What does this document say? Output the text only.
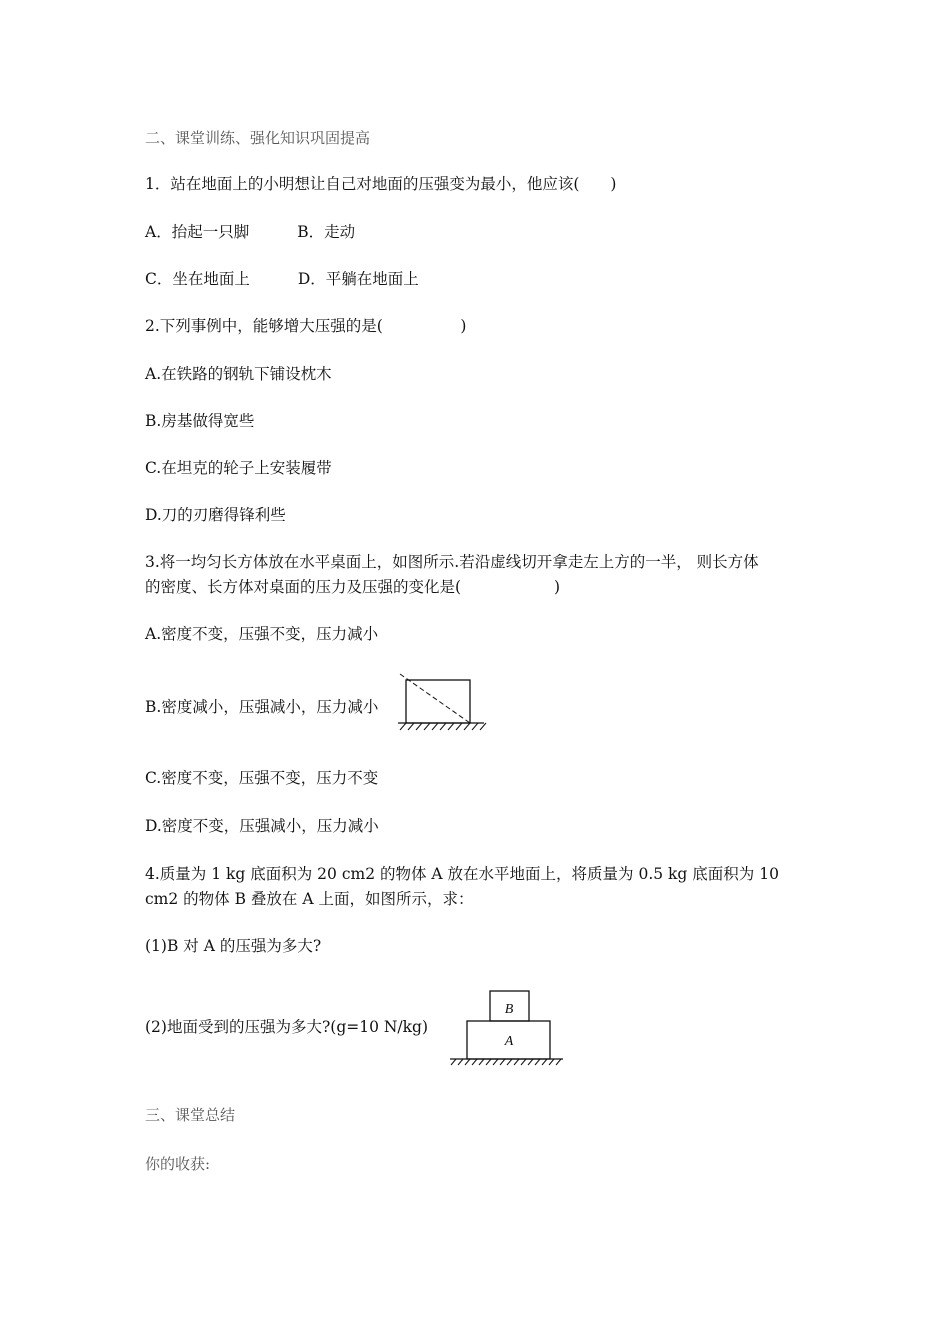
二、课堂训练、强化知识巩固提高
1．站在地面上的小明想让自己对地面的压强变为最小，他应该(　　)
A．抬起一只脚	B．走动
C．坐在地面上	D．平躺在地面上
2.下列事例中，能够增大压强的是(　　　　　)
A.在铁路的钢轨下铺设枕木
B.房基做得宽些
C.在坦克的轮子上安装履带
D.刀的刃磨得锋利些
3.将一均匀长方体放在水平桌面上，如图所示.若沿虚线切开拿走左上方的一半， 则长方体
的密度、长方体对桌面的压力及压强的变化是(　　　　　　)
A.密度不变，压强不变，压力减小
B.密度减小，压强减小，压力减小
C.密度不变，压强不变，压力不变
D.密度不变，压强减小，压力减小
4.质量为 1 kg 底面积为 20 cm2 的物体 A 放在水平地面上，将质量为 0.5 kg 底面积为 10
cm2 的物体 B 叠放在 A 上面，如图所示，求：
(1)B 对 A 的压强为多大?
(2)地面受到的压强为多大?(g=10 N/kg)
B
A
三、课堂总结
你的收获:
